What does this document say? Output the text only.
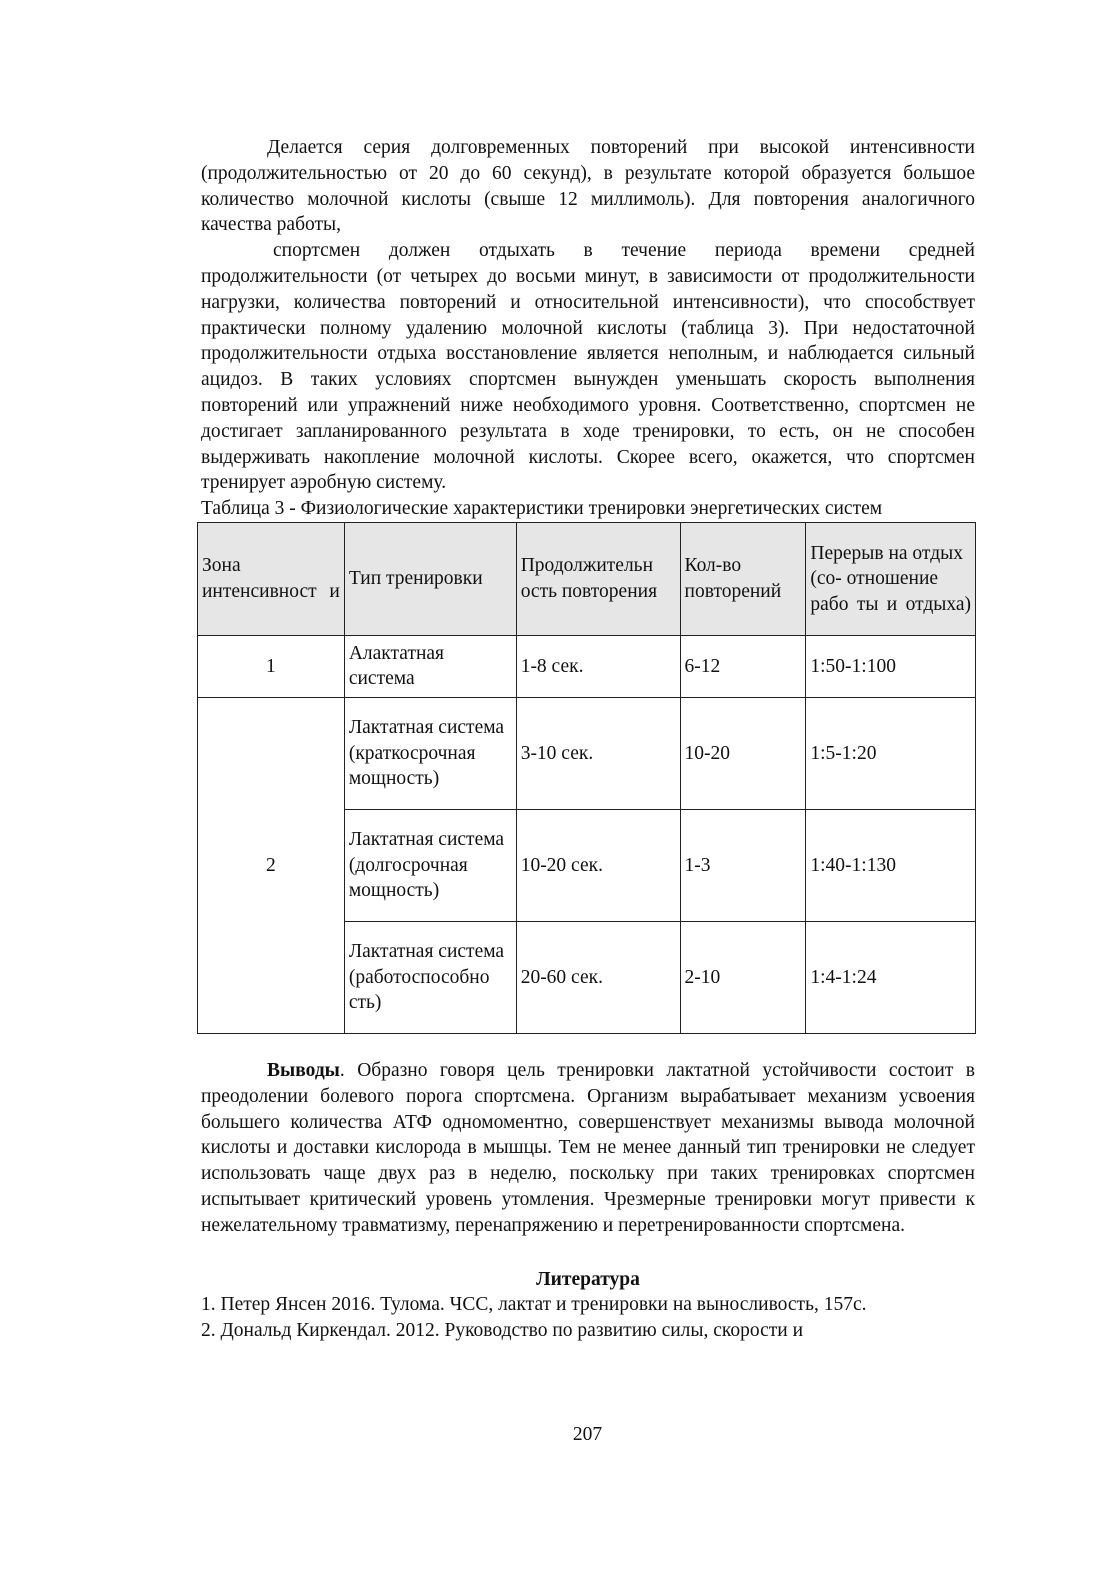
Делается серия долговременных повторений при высокой интенсивности (продолжительностью от 20 до 60 секунд), в результате которой образуется большое количество молочной кислоты (свыше 12 миллимоль). Для повторения аналогичного качества работы,

спортсмен должен отдыхать в течение периода времени средней продолжительности (от четырех до восьми минут, в зависимости от продолжительности нагрузки, количества повторений и относительной интенсивности), что способствует практически полному удалению молочной кислоты (таблица 3). При недостаточной продолжительности отдыха восстановление является неполным, и наблюдается сильный ацидоз. В таких условиях спортсмен вынужден уменьшать скорость выполнения повторений или упражнений ниже необходимого уровня. Соответственно, спортсмен не достигает запланированного результата в ходе тренировки, то есть, он не способен выдерживать накопление молочной кислоты. Скорее всего, окажется, что спортсмен тренирует аэробную систему.

Таблица 3 - Физиологические характеристики тренировки энергетических систем

Зона интенсивност и	Тип тренировки	Продолжительн ость повторения	Кол-во повторений	Перерыв на отдых (со- отношение рабо ты и отдыха)
1	Алактатная система	1-8 сек.	6-12	1:50-1:100
2	Лактатная система (краткосрочная мощность)	3-10 сек.	10-20	1:5-1:20
	Лактатная система (долгосрочная мощность)	10-20 сек.	1-3	1:40-1:130
	Лактатная система (работоспособно сть)	20-60 сек.	2-10	1:4-1:24

Выводы. Образно говоря цель тренировки лактатной устойчивости состоит в преодолении болевого порога спортсмена. Организм вырабатывает механизм усвоения большего количества АТФ одномоментно, совершенствует механизмы вывода молочной кислоты и доставки кислорода в мышцы. Тем не менее данный тип тренировки не следует использовать чаще двух раз в неделю, поскольку при таких тренировках спортсмен испытывает критический уровень утомления. Чрезмерные тренировки могут привести к нежелательному травматизму, перенапряжению и перетренированности спортсмена.

Литература

1. Петер Янсен 2016. Тулома. ЧСС, лактат и тренировки на выносливость, 157с.

2. Дональд Киркендал. 2012. Руководство по развитию силы, скорости и

207
